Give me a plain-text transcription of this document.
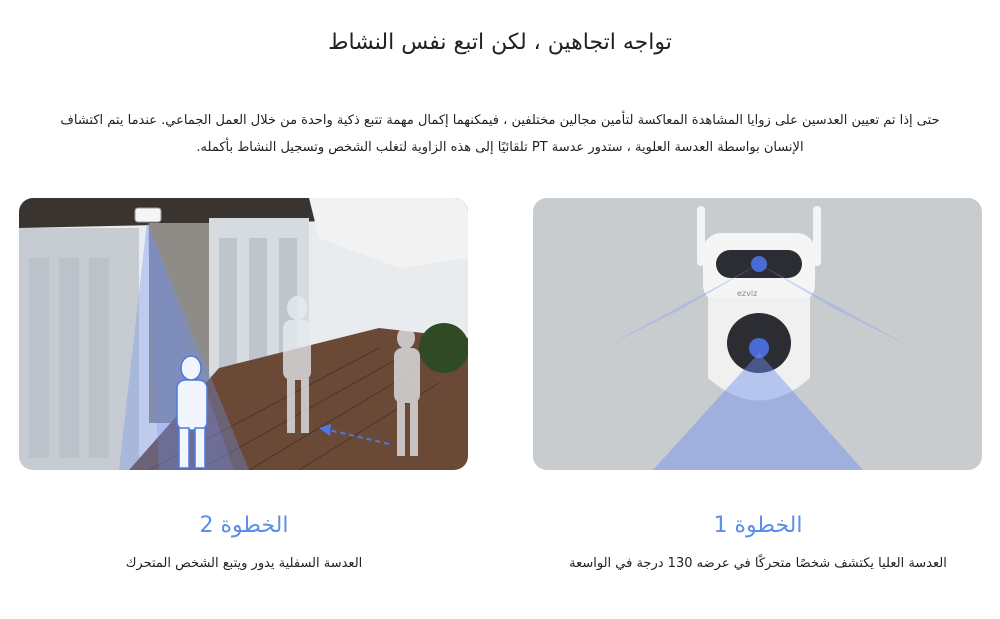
تواجه اتجاهين ، لكن اتبع نفس النشاط
حتى إذا تم تعيين العدسين على زوايا المشاهدة المعاكسة لتأمين مجالين مختلفين ، فيمكنهما إكمال مهمة تتبع ذكية واحدة من خلال العمل الجماعي. عندما يتم اكتشاف
الإنسان بواسطة العدسة العلوية ، ستدور عدسة PT تلقائيًا إلى هذه الزاوية لتغلب الشخص وتسجيل النشاط بأكمله.
ezviz
الخطوة 2
العدسة السفلية يدور ويتبع الشخص المتحرك
الخطوة 1
العدسة العليا يكتشف شخصًا متحركًا في عرضه 130 درجة في الواسعة
